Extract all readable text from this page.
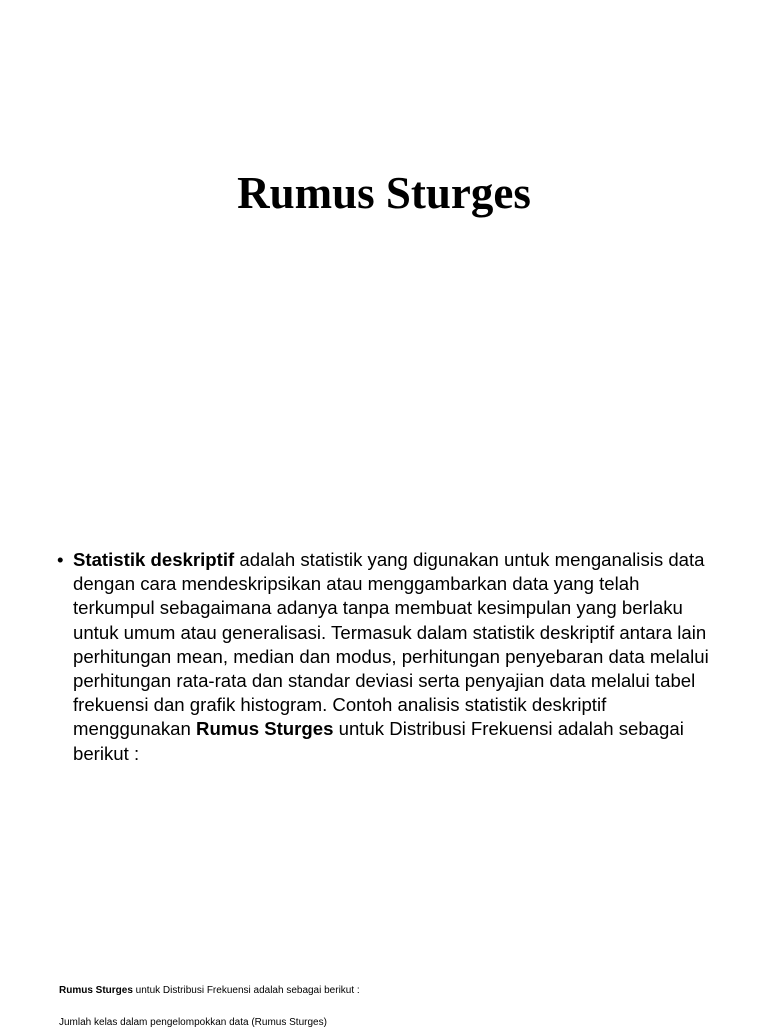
Rumus Sturges
• Statistik deskriptif adalah statistik yang digunakan untuk menganalisis data dengan cara mendeskripsikan atau menggambarkan data yang telah terkumpul sebagaimana adanya tanpa membuat kesimpulan yang berlaku untuk umum atau generalisasi. Termasuk dalam statistik deskriptif antara lain perhitungan mean, median dan modus, perhitungan penyebaran data melalui perhitungan rata-rata dan standar deviasi serta penyajian data melalui tabel frekuensi dan grafik histogram. Contoh analisis statistik deskriptif menggunakan Rumus Sturges untuk Distribusi Frekuensi adalah sebagai berikut :
Rumus Sturges untuk Distribusi Frekuensi adalah sebagai berikut :
Jumlah kelas dalam pengelompokkan data (Rumus Sturges)
